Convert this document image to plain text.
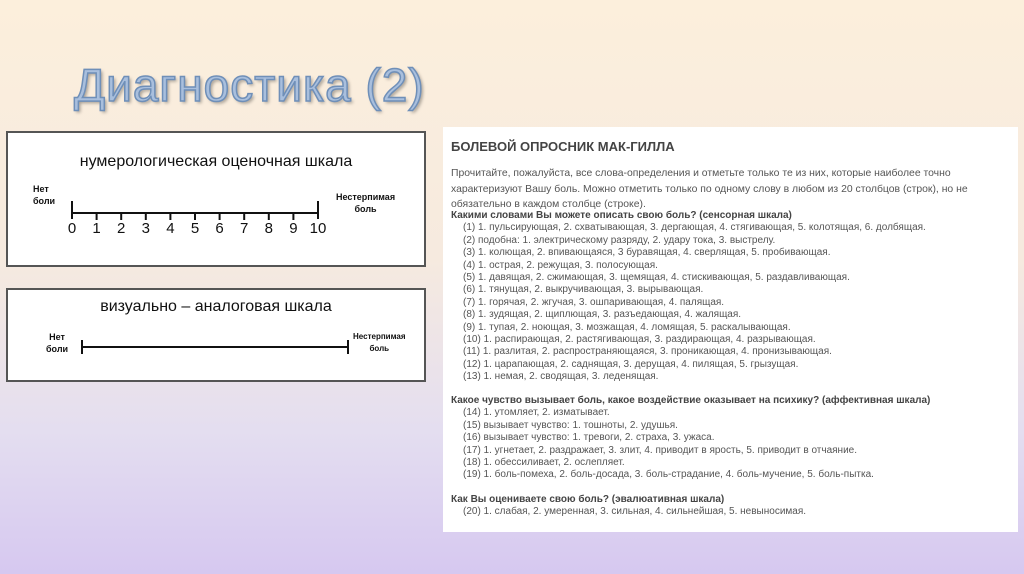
Диагностика (2)
нумерологическая оценочная шкала
Нет
боли	Нестерпимая
боль
0 1 2 3 4 5 6 7 8 9 10
визуально – аналоговая шкала
Нет
боли
Нестерпимая
боль
БОЛЕВОЙ ОПРОСНИК МАК-ГИЛЛА
Прочитайте, пожалуйста, все слова-определения и отметьте только те из них, которые наиболее точно характеризуют Вашу боль. Можно отметить только по одному слову в любом из 20 столбцов (строк), но не обязательно в каждом столбце (строке).
Какими словами Вы можете описать свою боль? (сенсорная шкала)
(1) 1. пульсирующая, 2. схватывающая, 3. дергающая, 4. стягивающая, 5. колотящая, 6. долбящая.
(2) подобна: 1. электрическому разряду, 2. удару тока, 3. выстрелу.
(3) 1. колющая, 2. впивающаяся, 3 буравящая, 4. сверлящая, 5. пробивающая.
(4) 1. острая, 2. режущая, 3. полосующая.
(5) 1. давящая, 2. сжимающая, 3. щемящая, 4. стискивающая, 5. раздавливающая.
(6) 1. тянущая, 2. выкручивающая, 3. вырывающая.
(7) 1. горячая, 2. жгучая, 3. ошпаривающая, 4. палящая.
(8) 1. зудящая, 2. щиплющая, 3. разъедающая, 4. жалящая.
(9) 1. тупая, 2. ноющая, 3. мозжащая, 4. ломящая, 5. раскалывающая.
(10) 1. распирающая, 2. растягивающая, 3. раздирающая, 4. разрывающая.
(11) 1. разлитая, 2. распространяющаяся, 3. проникающая, 4. пронизывающая.
(12) 1. царапающая, 2. саднящая, 3. дерущая, 4. пилящая, 5. грызущая.
(13) 1. немая, 2. сводящая, 3. леденящая.
Какое чувство вызывает боль, какое воздействие оказывает на психику? (аффективная шкала)
(14) 1. утомляет, 2. изматывает.
(15) вызывает чувство: 1. тошноты, 2. удушья.
(16) вызывает чувство: 1. тревоги, 2. страха, 3. ужаса.
(17) 1. угнетает, 2. раздражает, 3. злит, 4. приводит в ярость, 5. приводит в отчаяние.
(18) 1. обессиливает, 2. ослепляет.
(19) 1. боль-помеха, 2. боль-досада, 3. боль-страдание, 4. боль-мучение, 5. боль-пытка.
Как Вы оцениваете свою боль? (эвалюативная шкала)
(20) 1. слабая, 2. умеренная, 3. сильная, 4. сильнейшая, 5. невыносимая.
